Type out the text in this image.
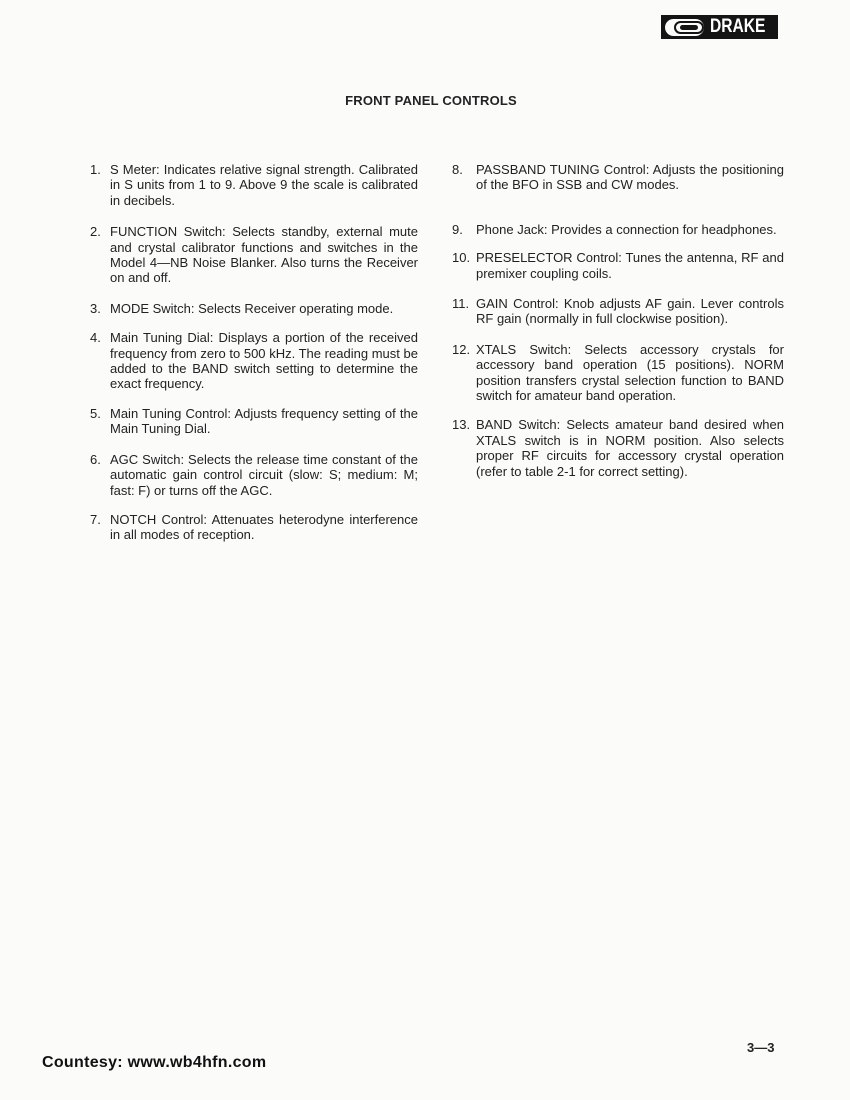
DRAKE
FRONT PANEL CONTROLS
1. S Meter: Indicates relative signal strength. Calibrated in S units from 1 to 9. Above 9 the scale is calibrated in decibels.
2. FUNCTION Switch: Selects standby, external mute and crystal calibrator functions and switches in the Model 4—NB Noise Blanker. Also turns the Receiver on and off.
3. MODE Switch: Selects Receiver operating mode.
4. Main Tuning Dial: Displays a portion of the received frequency from zero to 500 kHz. The reading must be added to the BAND switch setting to determine the exact frequency.
5. Main Tuning Control: Adjusts frequency setting of the Main Tuning Dial.
6. AGC Switch: Selects the release time constant of the automatic gain control circuit (slow: S; medium: M; fast: F) or turns off the AGC.
7. NOTCH Control: Attenuates heterodyne interference in all modes of reception.
8.	PASSBAND TUNING Control: Adjusts the positioning of the BFO in SSB and CW modes.
9.	Phone Jack: Provides a connection for headphones.
10. PRESELECTOR Control: Tunes the antenna, RF and premixer coupling coils.
11. GAIN Control: Knob adjusts AF gain. Lever controls RF gain (normally in full clockwise position).
12. XTALS Switch: Selects accessory crystals for accessory band operation (15 positions). NORM position transfers crystal selection function to BAND switch for amateur band operation.
13. BAND Switch: Selects amateur band desired when XTALS switch is in NORM position. Also selects proper RF circuits for accessory crystal operation (refer to table 2-1 for correct setting).
Countesy: www.wb4hfn.com
3—3
